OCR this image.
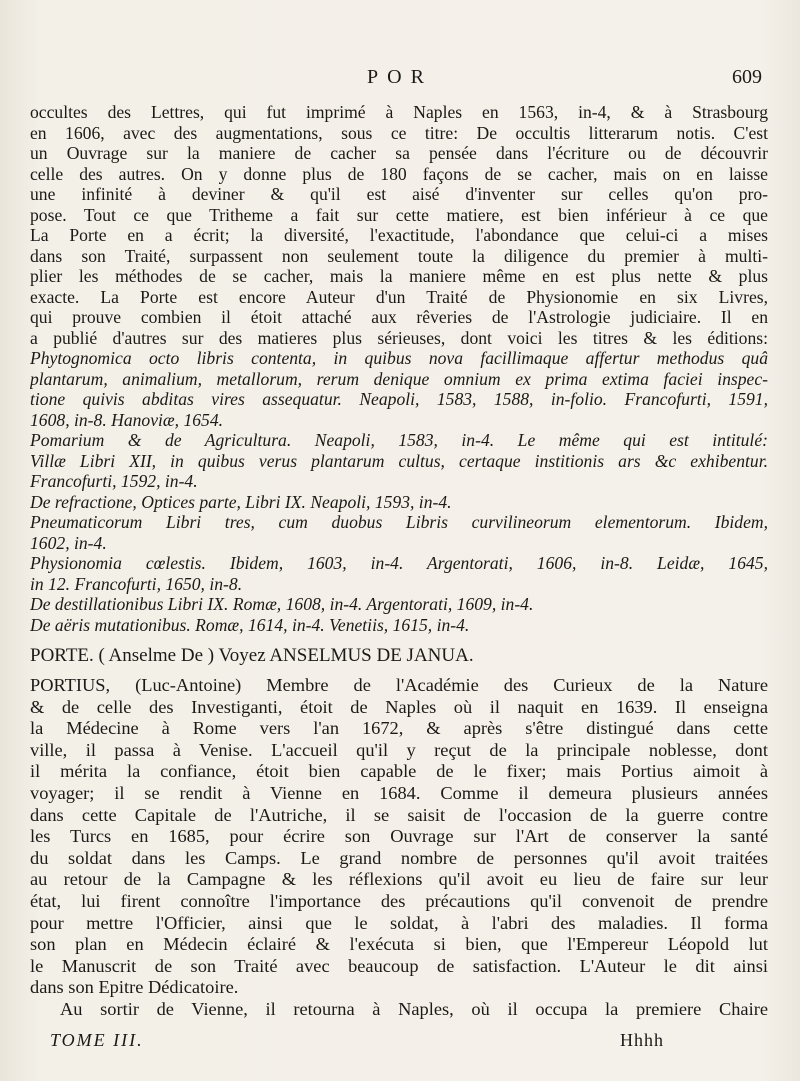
POR	609
occultes des Lettres, qui fut imprimé à Naples en 1563, in-4, & à Strasbourg
en 1606, avec des augmentations, sous ce titre: De occultis litterarum notis. C'est
un Ouvrage sur la maniere de cacher sa pensée dans l'écriture ou de découvrir
celle des autres. On y donne plus de 180 façons de se cacher, mais on en laisse
une infinité à deviner & qu'il est aisé d'inventer sur celles qu'on pro-
pose. Tout ce que Tritheme a fait sur cette matiere, est bien inférieur à ce que
La Porte en a écrit; la diversité, l'exactitude, l'abondance que celui-ci a mises
dans son Traité, surpassent non seulement toute la diligence du premier à multi-
plier les méthodes de se cacher, mais la maniere même en est plus nette & plus
exacte. La Porte est encore Auteur d'un Traité de Physionomie en six Livres,
qui prouve combien il étoit attaché aux rêveries de l'Astrologie judiciaire. Il en
a publié d'autres sur des matieres plus sérieuses, dont voici les titres & les éditions:
Phytognomica octo libris contenta, in quibus nova facillimaque affertur methodus quâ
plantarum, animalium, metallorum, rerum denique omnium ex prima extima faciei inspec-
tione quivis abditas vires assequatur. Neapoli, 1583, 1588, in-folio. Francofurti, 1591,
1608, in-8. Hanoviæ, 1654.
Pomarium & de Agricultura. Neapoli, 1583, in-4. Le même qui est intitulé:
Villæ Libri XII, in quibus verus plantarum cultus, certaque institionis ars &c exhibentur.
Francofurti, 1592, in-4.
De refractione, Optices parte, Libri IX. Neapoli, 1593, in-4.
Pneumaticorum Libri tres, cum duobus Libris curvilineorum elementorum. Ibidem,
1602, in-4.
Physionomia cœlestis. Ibidem, 1603, in-4. Argentorati, 1606, in-8. Leidæ, 1645,
in 12. Francofurti, 1650, in-8.
De destillationibus Libri IX. Romæ, 1608, in-4. Argentorati, 1609, in-4.
De aëris mutationibus. Romæ, 1614, in-4. Venetiis, 1615, in-4.
PORTE. ( Anselme De ) Voyez ANSELMUS DE JANUA.
PORTIUS, (Luc-Antoine) Membre de l'Académie des Curieux de la Nature
& de celle des Investiganti, étoit de Naples où il naquit en 1639. Il enseigna
la Médecine à Rome vers l'an 1672, & après s'être distingué dans cette
ville, il passa à Venise. L'accueil qu'il y reçut de la principale noblesse, dont
il mérita la confiance, étoit bien capable de le fixer; mais Portius aimoit à
voyager; il se rendit à Vienne en 1684. Comme il demeura plusieurs années
dans cette Capitale de l'Autriche, il se saisit de l'occasion de la guerre contre
les Turcs en 1685, pour écrire son Ouvrage sur l'Art de conserver la santé
du soldat dans les Camps. Le grand nombre de personnes qu'il avoit traitées
au retour de la Campagne & les réflexions qu'il avoit eu lieu de faire sur leur
état, lui firent connoître l'importance des précautions qu'il convenoit de prendre
pour mettre l'Officier, ainsi que le soldat, à l'abri des maladies. Il forma
son plan en Médecin éclairé & l'exécuta si bien, que l'Empereur Léopold lut
le Manuscrit de son Traité avec beaucoup de satisfaction. L'Auteur le dit ainsi
dans son Epitre Dédicatoire.
Au sortir de Vienne, il retourna à Naples, où il occupa la premiere Chaire
TOME III.	Hhhh
